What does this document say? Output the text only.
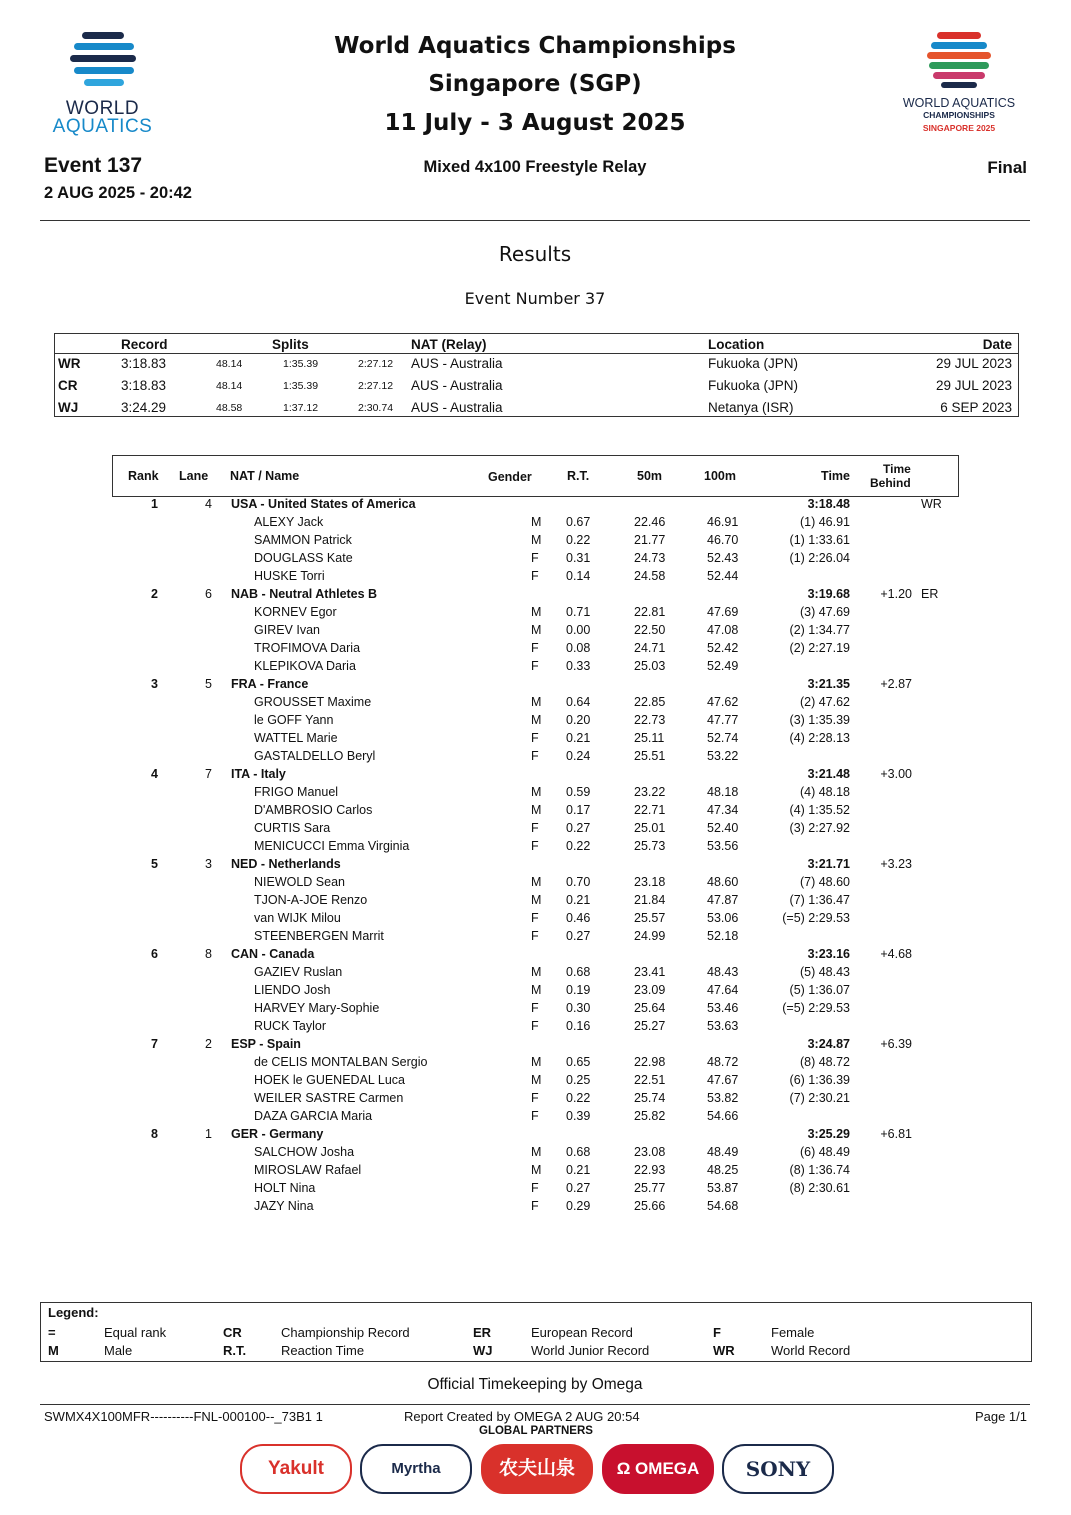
WORLD
AQUATICS
WORLD AQUATICS
CHAMPIONSHIPS
SINGAPORE 2025
World Aquatics Championships
Singapore (SGP)
11 July - 3 August 2025
Event 137
2 AUG 2025 - 20:42
Mixed 4x100 Freestyle Relay	Final
Results
Event Number 37
Record	Splits	NAT (Relay)	Location	Date
WR	3:18.83	48.14	1:35.39	2:27.12 AUS - Australia	Fukuoka (JPN)	29 JUL 2023
CR	3:18.83	48.14	1:35.39	2:27.12 AUS - Australia	Fukuoka (JPN)	29 JUL 2023
WJ	3:24.29	48.58	1:37.12	2:30.74 AUS - Australia	Netanya (ISR)	6 SEP 2023
Rank Lane NAT / Name	Gender	R.T.	50m	100m	Time	Time
Behind
1	4 USA - United States of America	3:18.48	WR
ALEXY Jack	M 0.67	22.46	46.91	(1) 46.91
SAMMON Patrick	M 0.22	21.77	46.70	(1) 1:33.61
DOUGLASS Kate	F 0.31	24.73	52.43	(1) 2:26.04
HUSKE Torri	F 0.14	24.58	52.44
2	6 NAB - Neutral Athletes B	3:19.68	+1.20 ER
KORNEV Egor	M 0.71	22.81	47.69	(3) 47.69
GIREV Ivan	M 0.00	22.50	47.08	(2) 1:34.77
TROFIMOVA Daria	F 0.08	24.71	52.42	(2) 2:27.19
KLEPIKOVA Daria	F 0.33	25.03	52.49
3	5 FRA - France	3:21.35	+2.87
GROUSSET Maxime	M 0.64	22.85	47.62	(2) 47.62
le GOFF Yann	M 0.20	22.73	47.77	(3) 1:35.39
WATTEL Marie	F 0.21	25.11	52.74	(4) 2:28.13
GASTALDELLO Beryl	F 0.24	25.51	53.22
4	7 ITA - Italy	3:21.48	+3.00
FRIGO Manuel	M 0.59	23.22	48.18	(4) 48.18
D'AMBROSIO Carlos	M 0.17	22.71	47.34	(4) 1:35.52
CURTIS Sara	F 0.27	25.01	52.40	(3) 2:27.92
MENICUCCI Emma Virginia	F 0.22	25.73	53.56
5	3 NED - Netherlands	3:21.71	+3.23
NIEWOLD Sean	M 0.70	23.18	48.60	(7) 48.60
TJON-A-JOE Renzo	M 0.21	21.84	47.87	(7) 1:36.47
van WIJK Milou	F 0.46	25.57	53.06	(=5) 2:29.53
STEENBERGEN Marrit	F 0.27	24.99	52.18
6	8 CAN - Canada	3:23.16	+4.68
GAZIEV Ruslan	M 0.68	23.41	48.43	(5) 48.43
LIENDO Josh	M 0.19	23.09	47.64	(5) 1:36.07
HARVEY Mary-Sophie	F 0.30	25.64	53.46	(=5) 2:29.53
RUCK Taylor	F 0.16	25.27	53.63
7	2 ESP - Spain	3:24.87	+6.39
de CELIS MONTALBAN Sergio	M 0.65	22.98	48.72	(8) 48.72
HOEK le GUENEDAL Luca	M 0.25	22.51	47.67	(6) 1:36.39
WEILER SASTRE Carmen	F 0.22	25.74	53.82	(7) 2:30.21
DAZA GARCIA Maria	F 0.39	25.82	54.66
8	1 GER - Germany	3:25.29	+6.81
SALCHOW Josha	M 0.68	23.08	48.49	(6) 48.49
MIROSLAW Rafael	M 0.21	22.93	48.25	(8) 1:36.74
HOLT Nina	F 0.27	25.77	53.87	(8) 2:30.61
JAZY Nina	F 0.29	25.66	54.68
Legend:
=	Equal rank	CR	Championship Record	ER	European Record	F	Female
M	Male	R.T.	Reaction Time	WJ	World Junior Record	WR	World Record
Official Timekeeping by Omega
SWMX4X100MFR----------FNL-000100--_73B1 1	Report Created by OMEGA 2 AUG 20:54	Page 1/1
GLOBAL PARTNERS
Yakult	Myrtha	农夫山泉	Ω OMEGA	SONY
